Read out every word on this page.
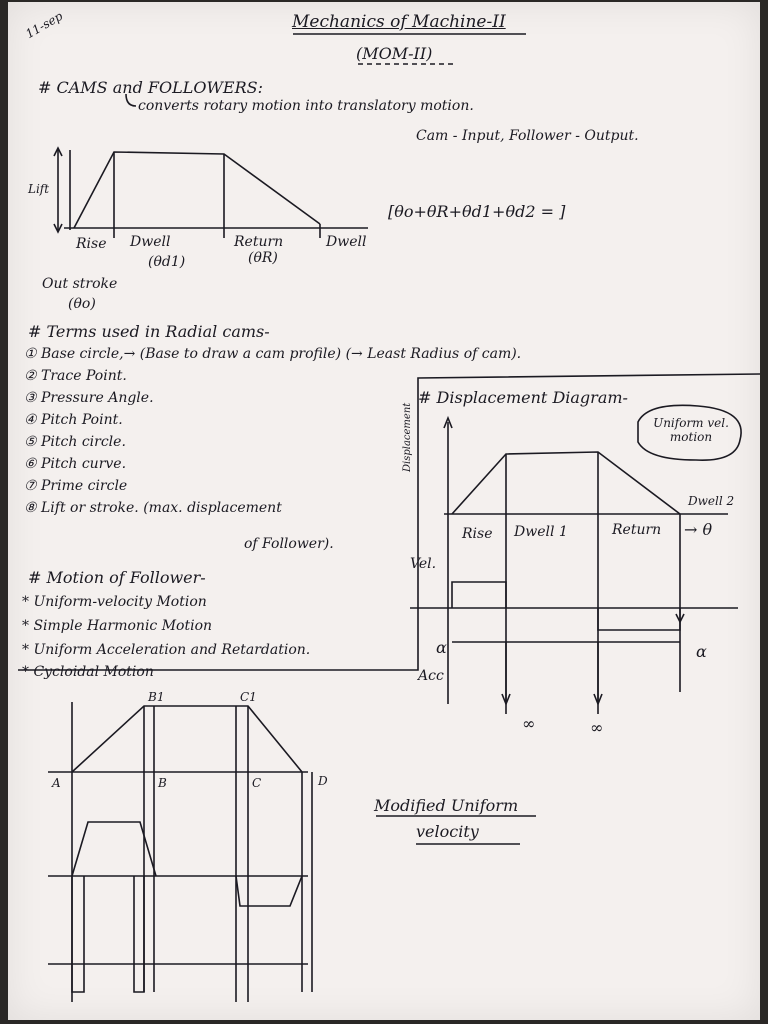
11-sep	Mechanics of Machine-II
(MOM-II)
# CAMS and FOLLOWERS:
converts rotary motion into translatory motion.
Cam - Input, Follower - Output.
Lift
Rise Dwell	Return	Dwell
(θd1)	(θR)
Out stroke
(θo)
[θo+θR+θd1+θd2 = ]
# Terms used in Radial cams-
① Base circle,→ (Base to draw a cam profile) (→ Least Radius of cam).
② Trace Point.
③ Pressure Angle.
④ Pitch Point.
⑤ Pitch circle.
⑥ Pitch curve.
⑦ Prime circle
⑧ Lift or stroke. (max. displacement
of Follower).
# Motion of Follower-
* Uniform-velocity Motion
* Simple Harmonic Motion
* Uniform Acceleration and Retardation.
* Cycloidal Motion
# Displacement Diagram-
Uniform vel. motion
Displacement
Vel.
α
Acc
Rise Dwell 1	Return → θ
Dwell 2
α
∞	∞
A
B1
B
C1
C	D
Modified Uniform
velocity
